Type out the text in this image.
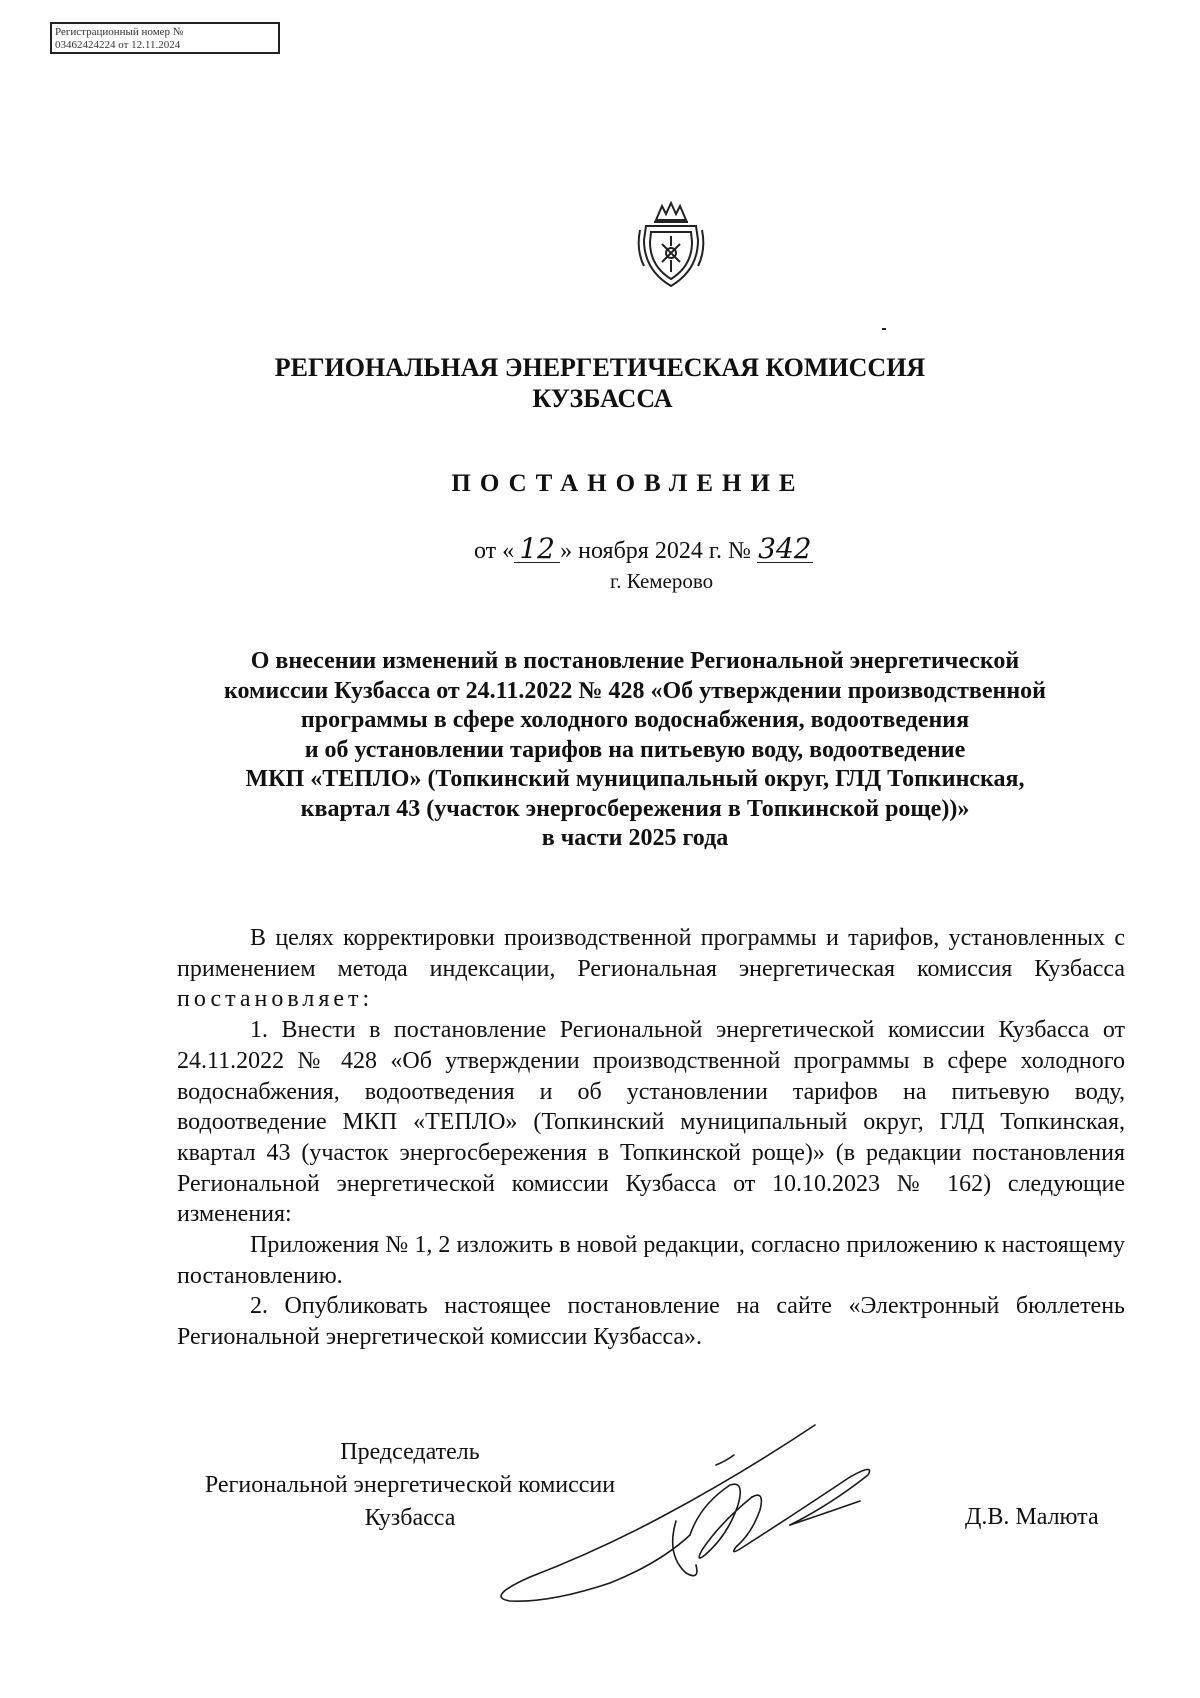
Регистрационный номер №
03462424224 от 12.11.2024
РЕГИОНАЛЬНАЯ ЭНЕРГЕТИЧЕСКАЯ КОМИССИЯ
КУЗБАССА
ПОСТАНОВЛЕНИЕ
от « 12 » ноября 2024 г. № 342
г. Кемерово
О внесении изменений в постановление Региональной энергетической
комиссии Кузбасса от 24.11.2022 № 428 «Об утверждении производственной
программы в сфере холодного водоснабжения, водоотведения
и об установлении тарифов на питьевую воду, водоотведение
МКП «ТЕПЛО» (Топкинский муниципальный округ, ГЛД Топкинская,
квартал 43 (участок энергосбережения в Топкинской роще))»
в части 2025 года

В целях корректировки производственной программы и тарифов, установленных с применением метода индексации, Региональная энергетическая комиссия Кузбасса постановляет:

1. Внести в постановление Региональной энергетической комиссии Кузбасса от 24.11.2022 № 428 «Об утверждении производственной программы в сфере холодного водоснабжения, водоотведения и об установлении тарифов на питьевую воду, водоотведение МКП «ТЕПЛО» (Топкинский муниципальный округ, ГЛД Топкинская, квартал 43 (участок энергосбережения в Топкинской роще)» (в редакции постановления Региональной энергетической комиссии Кузбасса от 10.10.2023 № 162) следующие изменения:

Приложения № 1, 2 изложить в новой редакции, согласно приложению к настоящему постановлению.

2. Опубликовать настоящее постановление на сайте «Электронный бюллетень Региональной энергетической комиссии Кузбасса».

Председатель
Региональной энергетической комиссии
Кузбасса	Д.В. Малюта
